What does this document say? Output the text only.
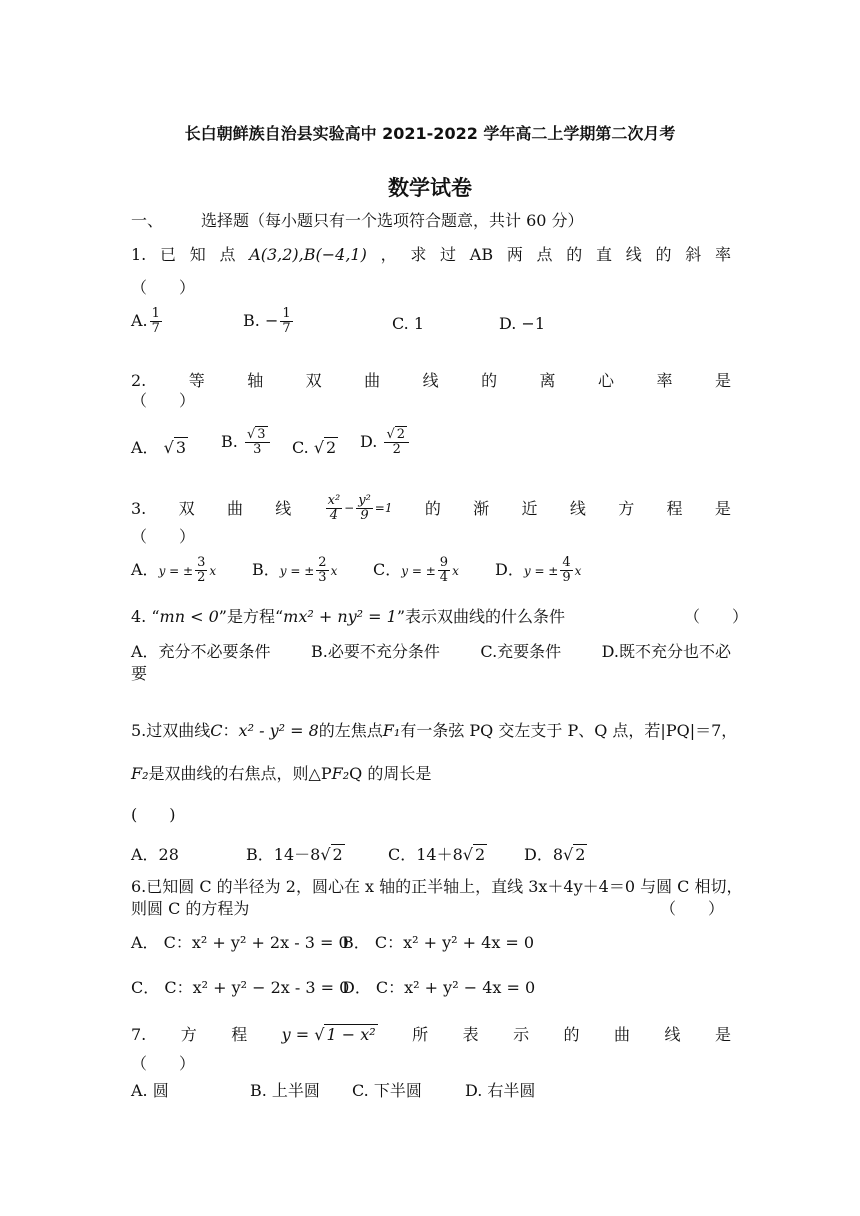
长白朝鲜族自治县实验高中 2021-2022 学年高二上学期第二次月考
数学试卷
一、 选择题（每小题只有一个选项符合题意，共计 60 分）
1. 已 知 点 A(3,2),B(−4,1) ， 求 过 AB 两 点 的 直 线 的 斜 率
（　　）
A. $\frac{1}{7}$	B. − $\frac{1}{7}$	C. 1	D. −1
2.	等	轴	双	曲	线	的	离	心	率	是
（　　）
A． √ 3 B. $\frac{√ 3}{3} C$. √ 2 D. $\frac{√ 2}{2}$
3. 双 曲 线	$\frac{\text{x²}}{4} - \frac{\text{y²}}{9} =1$ 的 渐 近 线 方 程 是
（　　）
A．y = ± $\frac{3}{2}$ x B．y = ± $\frac{2}{3}$ x C．y = ± $\frac{9}{4}$ x D．y = ± $\frac{4}{9}$ x
4. “mn < 0”是方程“mx² + ny² = 1”表示双曲线的什么条件	（　　）
A．充分不必要条件	B.必要不充分条件	C.充要条件	D.既不充分也不必
要
5.过双曲线C：x² - y² = 8的左焦点F₁有一条弦 PQ 交左支于 P、Q 点，若|PQ|＝7，
F₂是双曲线的右焦点，则△PF₂Q 的周长是
(　　)
A．28	B．14－8√ 2	C．14＋8√ 2 D．8√ 2
6.已知圆 C 的半径为 2，圆心在 x 轴的正半轴上，直线 3x＋4y＋4＝0 与圆 C 相切，
则圆 C 的方程为	（　　）
A． C：x² + y² + 2x - 3 = 0
B． C：x² + y² + 4x = 0
C． C：x² + y² − 2x - 3 = 0
D． C：x² + y² − 4x = 0
7. 方 程 y = √ 1 − x² 所 表 示 的 曲 线 是
（　　）
A. 圆	B. 上半圆 C. 下半圆	D. 右半圆
